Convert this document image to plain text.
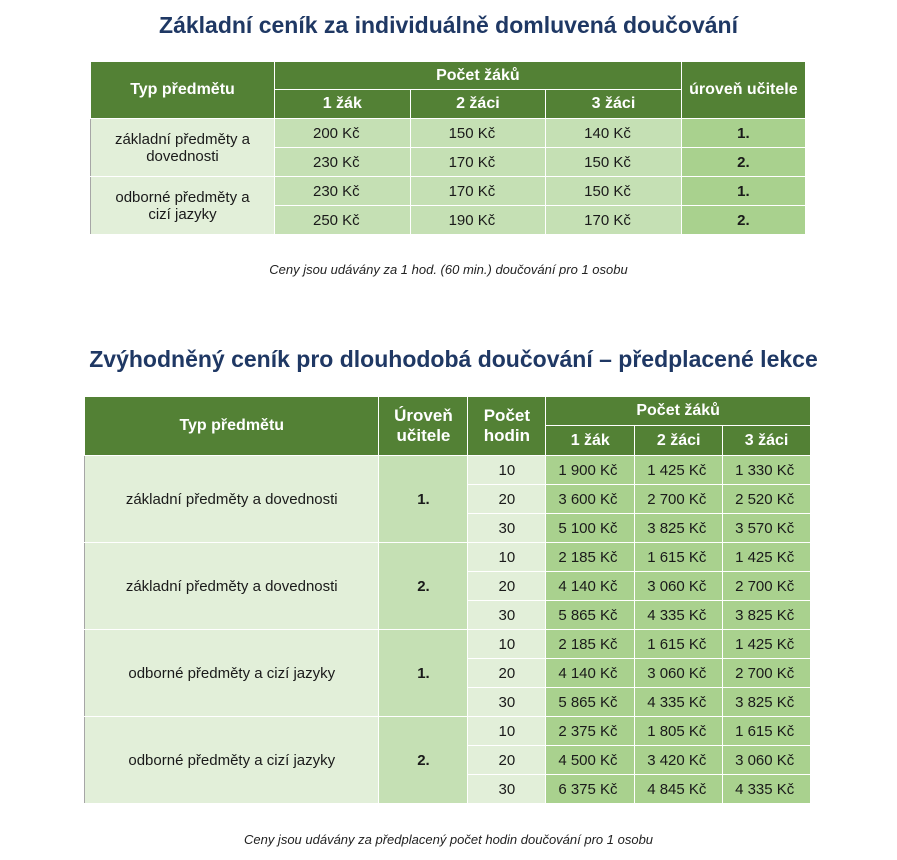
Základní ceník za individuálně domluvená doučování
Typ předmětu	Počet žáků			úroveň učitele
	1 žák	2 žáci	3 žáci	
základní předměty a dovednosti	200 Kč	150 Kč	140 Kč	1.
	230 Kč	170 Kč	150 Kč	2.
odborné předměty a cizí jazyky	230 Kč	170 Kč	150 Kč	1.
	250 Kč	190 Kč	170 Kč	2.
Ceny jsou udávány za 1 hod. (60 min.) doučování pro 1 osobu
Zvýhodněný ceník pro dlouhodobá doučování – předplacené lekce
Typ předmětu	Úroveň učitele	Počet hodin	Počet žáků		
			1 žák	2 žáci	3 žáci
základní předměty a dovednosti	1.	10	1 900 Kč	1 425 Kč	1 330 Kč
		20	3 600 Kč	2 700 Kč	2 520 Kč
		30	5 100 Kč	3 825 Kč	3 570 Kč
základní předměty a dovednosti	2.	10	2 185 Kč	1 615 Kč	1 425 Kč
		20	4 140 Kč	3 060 Kč	2 700 Kč
		30	5 865 Kč	4 335 Kč	3 825 Kč
odborné předměty a cizí jazyky	1.	10	2 185 Kč	1 615 Kč	1 425 Kč
		20	4 140 Kč	3 060 Kč	2 700 Kč
		30	5 865 Kč	4 335 Kč	3 825 Kč
odborné předměty a cizí jazyky	2.	10	2 375 Kč	1 805 Kč	1 615 Kč
		20	4 500 Kč	3 420 Kč	3 060 Kč
		30	6 375 Kč	4 845 Kč	4 335 Kč
Ceny jsou udávány za předplacený počet hodin doučování pro 1 osobu
